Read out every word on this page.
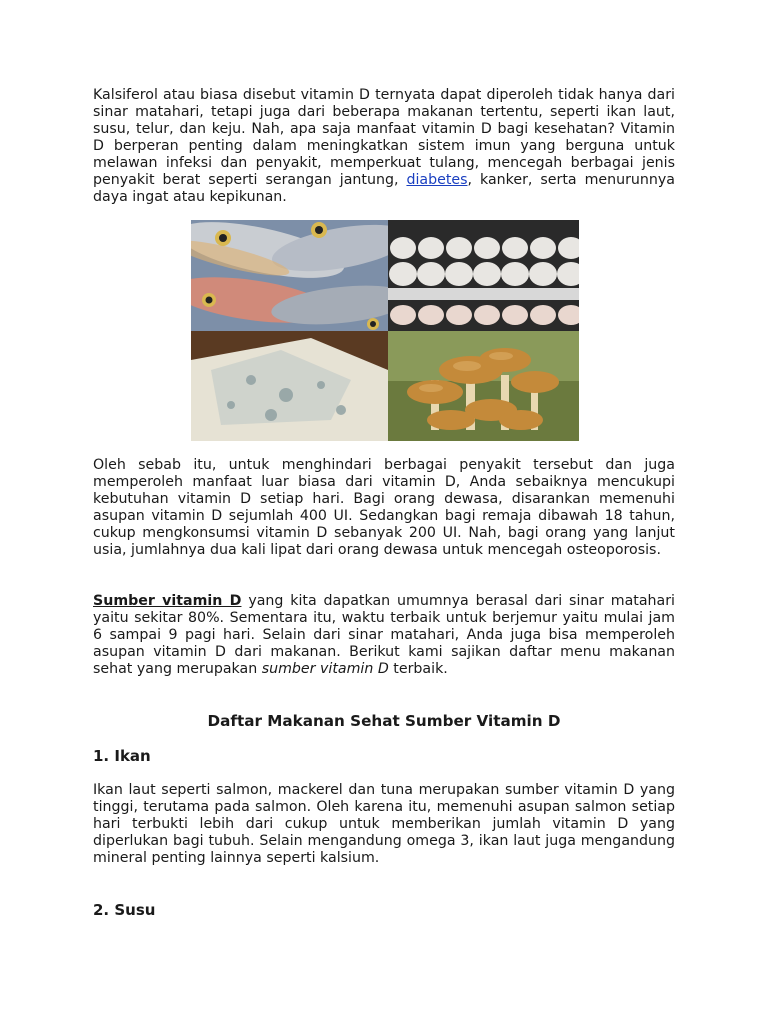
Kalsiferol atau biasa disebut vitamin D ternyata dapat diperoleh tidak hanya dari sinar matahari, tetapi juga dari beberapa makanan tertentu, seperti ikan laut, susu, telur, dan keju. Nah, apa saja manfaat vitamin D bagi kesehatan? Vitamin D berperan penting dalam meningkatkan sistem imun yang berguna untuk melawan infeksi dan penyakit, memperkuat tulang, mencegah berbagai jenis penyakit berat seperti serangan jantung, diabetes, kanker, serta menurunnya daya ingat atau kepikunan.

Oleh sebab itu, untuk menghindari berbagai penyakit tersebut dan juga memperoleh manfaat luar biasa dari vitamin D, Anda sebaiknya mencukupi kebutuhan vitamin D setiap hari. Bagi orang dewasa, disarankan memenuhi asupan vitamin D sejumlah 400 UI. Sedangkan bagi remaja dibawah 18 tahun, cukup mengkonsumsi vitamin D sebanyak 200 UI. Nah, bagi orang yang lanjut usia, jumlahnya dua kali lipat dari orang dewasa untuk mencegah osteoporosis.

Sumber vitamin D yang kita dapatkan umumnya berasal dari sinar matahari yaitu sekitar 80%. Sementara itu, waktu terbaik untuk berjemur yaitu mulai jam 6 sampai 9 pagi hari. Selain dari sinar matahari, Anda juga bisa memperoleh asupan vitamin D dari makanan. Berikut kami sajikan daftar menu makanan sehat yang merupakan sumber vitamin D terbaik.

Daftar Makanan Sehat Sumber Vitamin D
1. Ikan

Ikan laut seperti salmon, mackerel dan tuna merupakan sumber vitamin D yang tinggi, terutama pada salmon. Oleh karena itu, memenuhi asupan salmon setiap hari terbukti lebih dari cukup untuk memberikan jumlah vitamin D yang diperlukan bagi tubuh. Selain mengandung omega 3, ikan laut juga mengandung mineral penting lainnya seperti kalsium.

2. Susu
